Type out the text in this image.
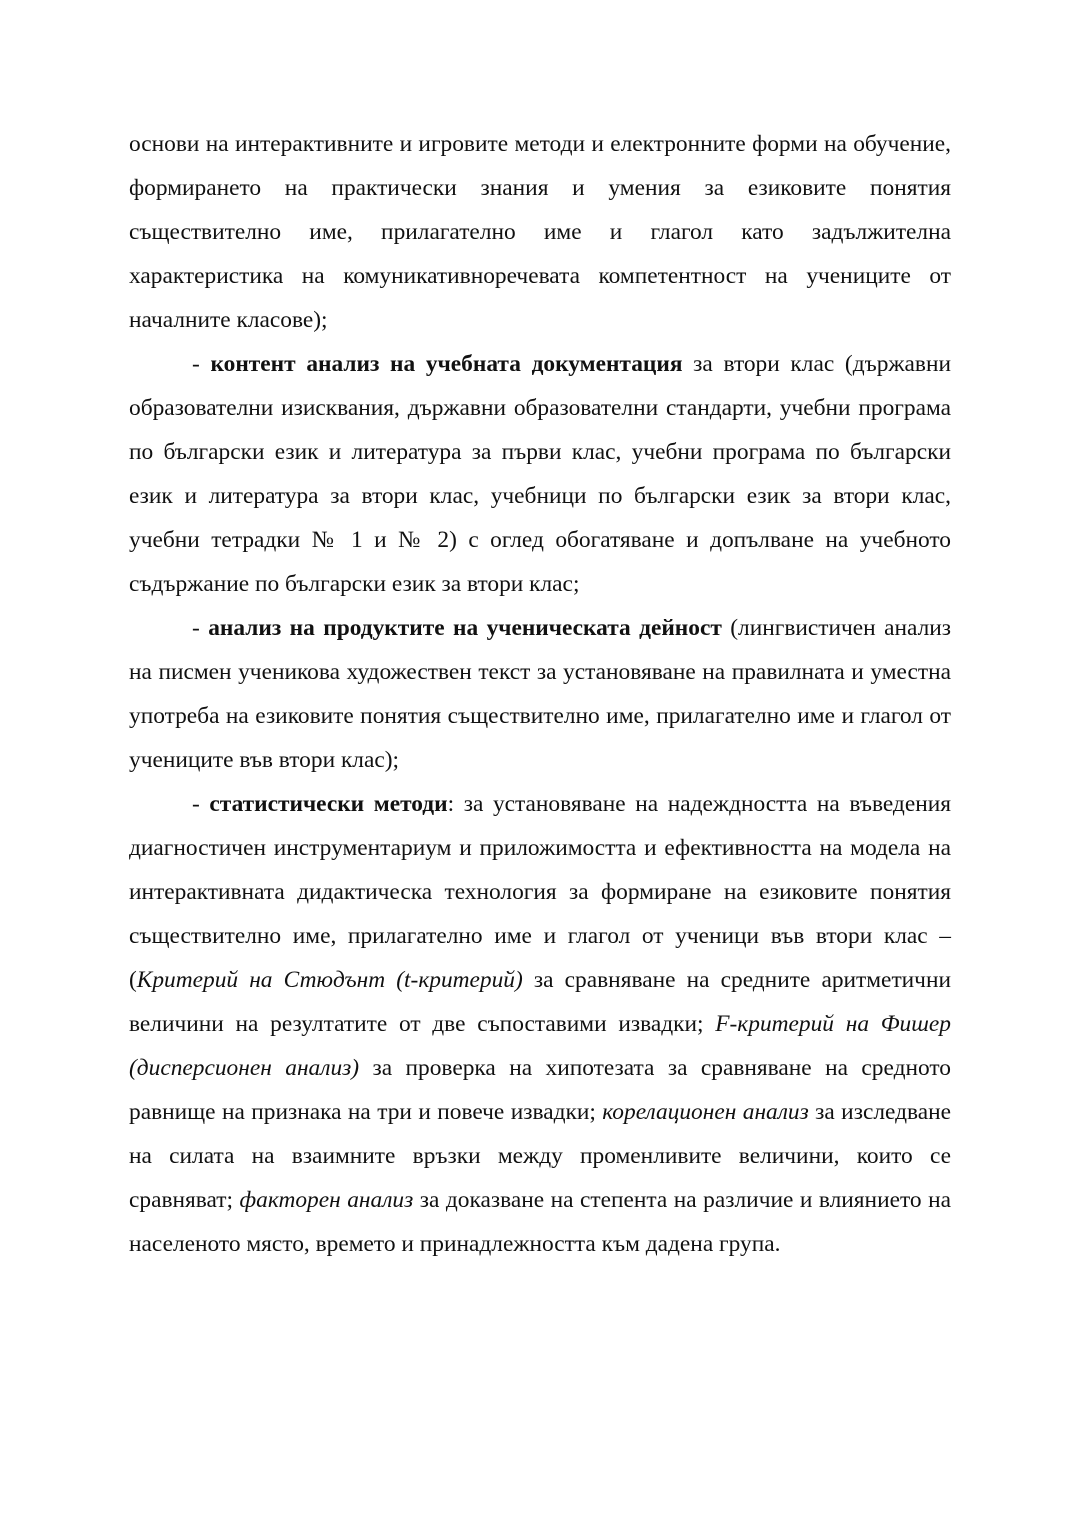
основи на интерактивните и игровите методи и електронните форми на обучение, формирането на практически знания и умения за езиковите понятия съществително име, прилагателно име и глагол като задължителна характеристика на комуникативноречевата компетентност на учениците от началните класове);

- контент анализ на учебната документация за втори клас (държавни образователни изисквания, държавни образователни стандарти, учебни програма по български език и литература за първи клас, учебни програма по български език и литература за втори клас, учебници по български език за втори клас, учебни тетрадки № 1 и № 2) с оглед обогатяване и допълване на учебното съдържание по български език за втори клас;

- анализ на продуктите на ученическата дейност (лингвистичен анализ на писмен ученикова художествен текст за установяване на правилната и уместна употреба на езиковите понятия съществително име, прилагателно име и глагол от учениците във втори клас);

- статистически методи: за установяване на надеждността на въведения диагностичен инструментариум и приложимостта и ефективността на модела на интерактивната дидактическа технология за формиране на езиковите понятия съществително име, прилагателно име и глагол от ученици във втори клас – (Критерий на Стюдънт (t-критерий) за сравняване на средните аритметични величини на резултатите от две съпоставими извадки; F-критерий на Фишер (дисперсионен анализ) за проверка на хипотезата за сравняване на средното равнище на признака на три и повече извадки; корелационен анализ за изследване на силата на взаимните връзки между променливите величини, които се сравняват; факторен анализ за доказване на степента на различие и влиянието на населеното място, времето и принадлежността към дадена група.
